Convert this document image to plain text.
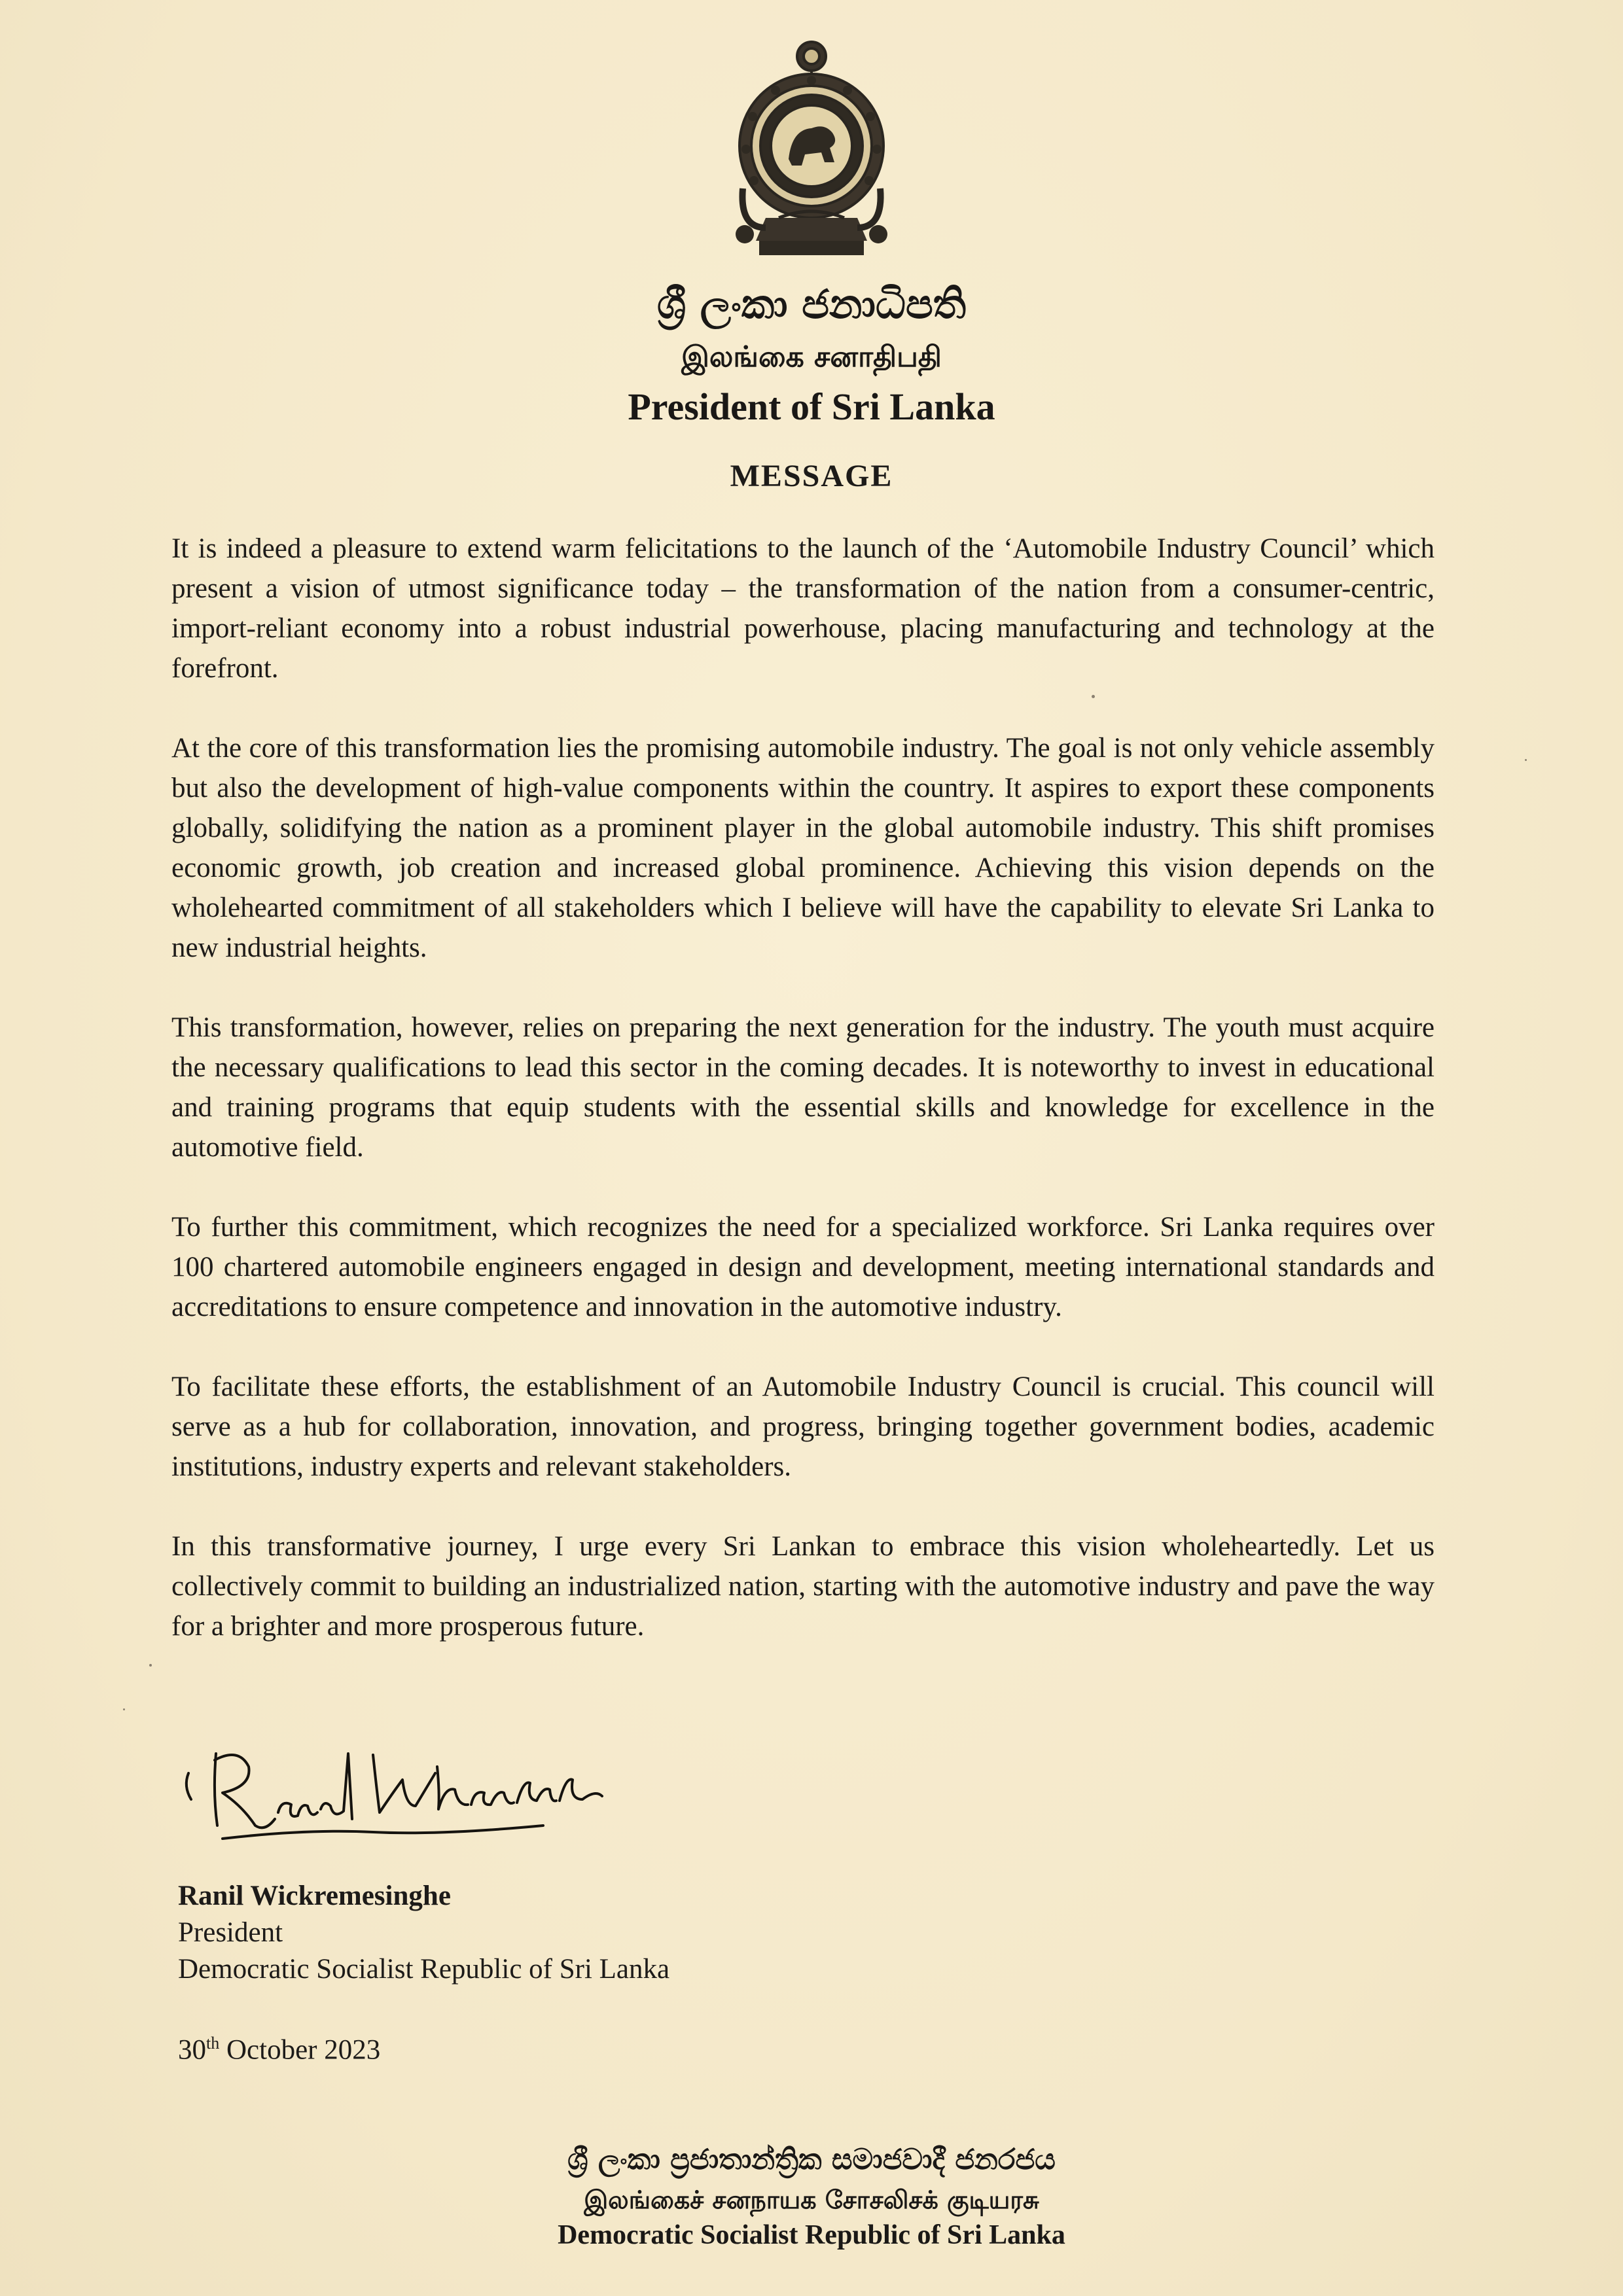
ශ්‍රී ලංකා ජනාධිපති
இலங்கை சனாதிபதி
President of Sri Lanka
MESSAGE

It is indeed a pleasure to extend warm felicitations to the launch of the ‘Automobile Industry Council’ which present a vision of utmost significance today – the transformation of the nation from a consumer-centric, import-reliant economy into a robust industrial powerhouse, placing manufacturing and technology at the forefront.

At the core of this transformation lies the promising automobile industry. The goal is not only vehicle assembly but also the development of high-value components within the country. It aspires to export these components globally, solidifying the nation as a prominent player in the global automobile industry. This shift promises economic growth, job creation and increased global prominence. Achieving this vision depends on the wholehearted commitment of all stakeholders which I believe will have the capability to elevate Sri Lanka to new industrial heights.

This transformation, however, relies on preparing the next generation for the industry. The youth must acquire the necessary qualifications to lead this sector in the coming decades. It is noteworthy to invest in educational and training programs that equip students with the essential skills and knowledge for excellence in the automotive field.

To further this commitment, which recognizes the need for a specialized workforce. Sri Lanka requires over 100 chartered automobile engineers engaged in design and development, meeting international standards and accreditations to ensure competence and innovation in the automotive industry.

To facilitate these efforts, the establishment of an Automobile Industry Council is crucial. This council will serve as a hub for collaboration, innovation, and progress, bringing together government bodies, academic institutions, industry experts and relevant stakeholders.

In this transformative journey, I urge every Sri Lankan to embrace this vision wholeheartedly. Let us collectively commit to building an industrialized nation, starting with the automotive industry and pave the way for a brighter and more prosperous future.

Ranil Wickremesinghe
President
Democratic Socialist Republic of Sri Lanka
30th October 2023
ශ්‍රී ලංකා ප්‍රජාතාන්ත්‍රික සමාජවාදී ජනරජය
இலங்கைச் சனநாயக சோசலிசக் குடியரசு
Democratic Socialist Republic of Sri Lanka
